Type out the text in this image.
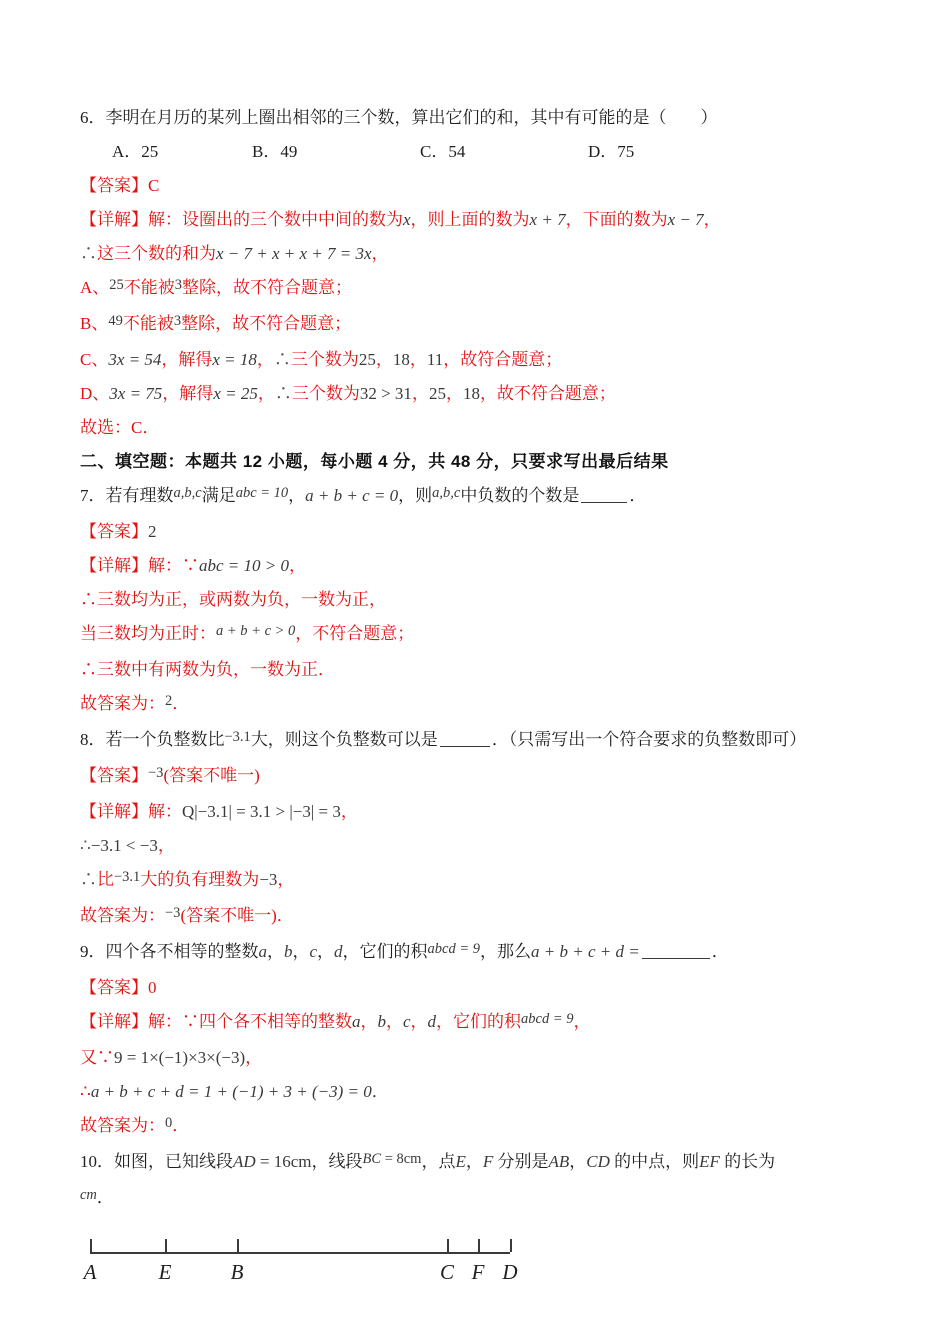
6．李明在月历的某列上圈出相邻的三个数，算出它们的和，其中有可能的是（　　）
A．25	B．49	C．54	D．75
【答案】C
【详解】解：设圈出的三个数中中间的数为x，则上面的数为x + 7，下面的数为x − 7，
∴这三个数的和为x − 7 + x + x + 7 = 3x，
A、25不能被3整除，故不符合题意；
B、49不能被3整除，故不符合题意；
C、3x = 54，解得x = 18，∴三个数为25，18，11，故符合题意；
D、3x = 75，解得x = 25，∴三个数为32 > 31，25，18，故不符合题意；
故选：C．
二、填空题：本题共 12 小题，每小题 4 分，共 48 分，只要求写出最后结果
7．若有理数a,b,c满足abc = 10，a + b + c = 0，则a,b,c中负数的个数是	．
【答案】2
【详解】解：∵abc = 10 > 0，
∴三数均为正，或两数为负，一数为正，
当三数均为正时：a + b + c > 0，不符合题意；
∴三数中有两数为负，一数为正．
故答案为：2．
8．若一个负整数比−3.1大，则这个负整数可以是	．（只需写出一个符合要求的负整数即可）
【答案】−3(答案不唯一)
【详解】解：Q|−3.1| = 3.1 > |−3| = 3，
∴−3.1 < −3，
∴比−3.1大的负有理数为−3，
故答案为：−3(答案不唯一)．
9．四个各不相等的整数a，b，c，d，它们的积abcd = 9，那么a + b + c + d =	．
【答案】0
【详解】解：∵四个各不相等的整数a，b，c，d，它们的积abcd = 9，
又∵9 = 1×(−1)×3×(−3)，
∴a + b + c + d = 1 + (−1) + 3 + (−3) = 0．
故答案为：0．
10．如图，已知线段AD = 16cm，线段BC = 8cm，点E，F 分别是AB，CD 的中点，则EF 的长为
cm．
A	E	B	C F D
